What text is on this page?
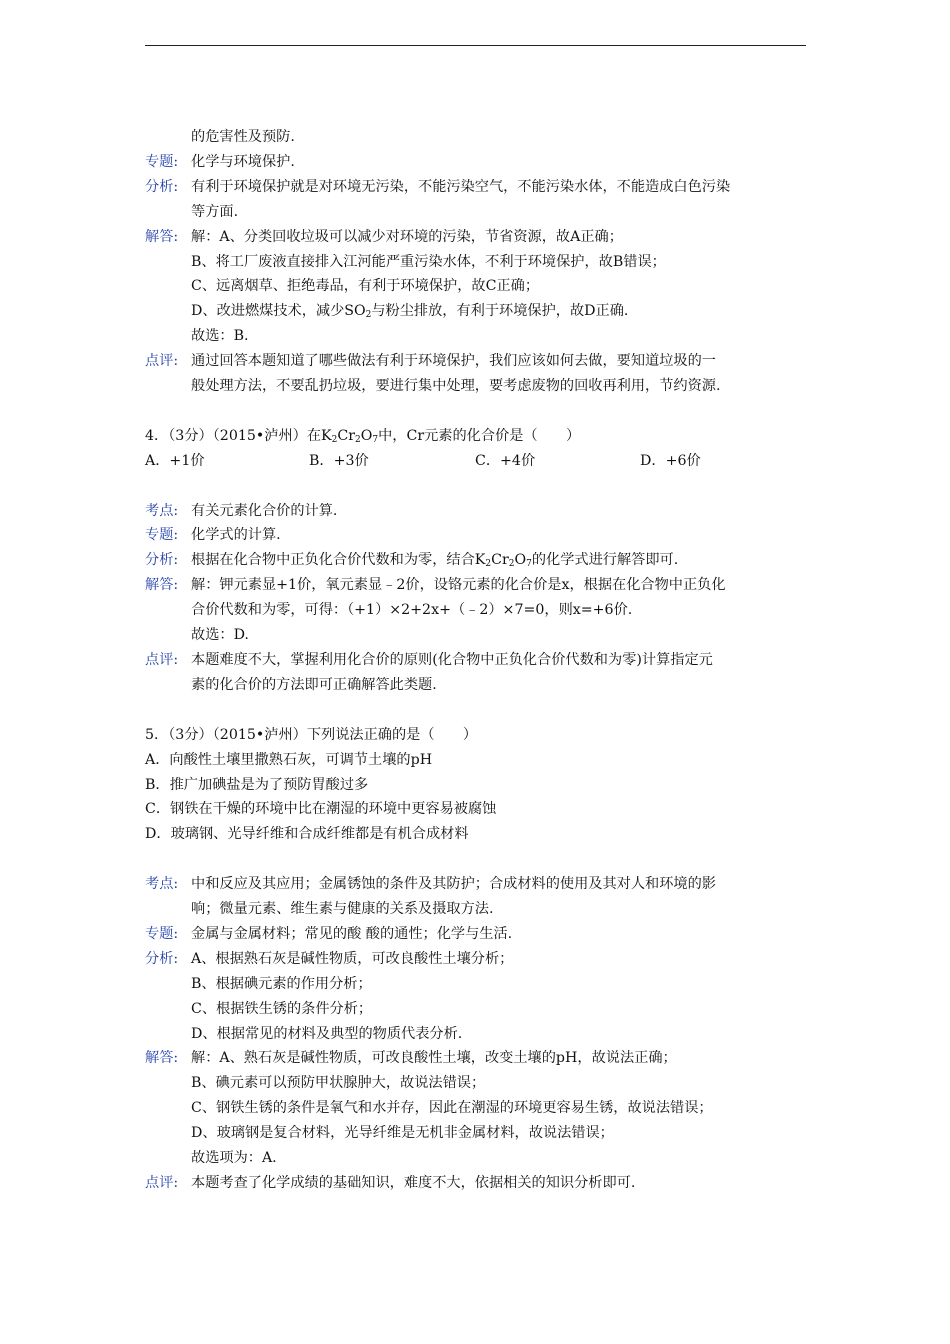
的危害性及预防.
专题: 化学与环境保护.
分析: 有利于环境保护就是对环境无污染，不能污染空气，不能污染水体，不能造成白色污染
等方面.
解答: 解：A、分类回收垃圾可以减少对环境的污染，节省资源，故A正确；
B、将工厂废液直接排入江河能严重污染水体，不利于环境保护，故B错误；
C、远离烟草、拒绝毒品，有利于环境保护，故C正确；
D、改进燃煤技术，减少$SO_2$与粉尘排放，有利于环境保护，故D正确.
故选：B.
点评: 通过回答本题知道了哪些做法有利于环境保护，我们应该如何去做，要知道垃圾的一
般处理方法，不要乱扔垃圾，要进行集中处理，要考虑废物的回收再利用，节约资源.
4．（3分）（2015•泸州）在$K_2Cr_2O_7$中，Cr元素的化合价是（　　）
A．+1价	B．+3价	C．+4价	D．+6价
考点: 有关元素化合价的计算.
专题: 化学式的计算.
分析: 根据在化合物中正负化合价代数和为零，结合$K_2Cr_2O_7$的化学式进行解答即可.
解答: 解：钾元素显+1价，氧元素显﹣2价，设铬元素的化合价是x，根据在化合物中正负化
合价代数和为零，可得：（+1）×2+2x+（﹣2）×7=0，则x=+6价.
故选：D.
点评: 本题难度不大，掌握利用化合价的原则(化合物中正负化合价代数和为零)计算指定元
素的化合价的方法即可正确解答此类题.
5．（3分）（2015•泸州）下列说法正确的是（　　）
A．向酸性土壤里撒熟石灰，可调节土壤的pH
B．推广加碘盐是为了预防胃酸过多
C．钢铁在干燥的环境中比在潮湿的环境中更容易被腐蚀
D．玻璃钢、光导纤维和合成纤维都是有机合成材料
考点: 中和反应及其应用；金属锈蚀的条件及其防护；合成材料的使用及其对人和环境的影
响；微量元素、维生素与健康的关系及摄取方法.
专题: 金属与金属材料；常见的酸 酸的通性；化学与生活.
分析: A、根据熟石灰是碱性物质，可改良酸性土壤分析；
B、根据碘元素的作用分析；
C、根据铁生锈的条件分析；
D、根据常见的材料及典型的物质代表分析.
解答: 解：A、熟石灰是碱性物质，可改良酸性土壤，改变土壤的pH，故说法正确；
B、碘元素可以预防甲状腺肿大，故说法错误；
C、钢铁生锈的条件是氧气和水并存，因此在潮湿的环境更容易生锈，故说法错误；
D、玻璃钢是复合材料，光导纤维是无机非金属材料，故说法错误；
故选项为：A.
点评: 本题考查了化学成绩的基础知识，难度不大，依据相关的知识分析即可.
